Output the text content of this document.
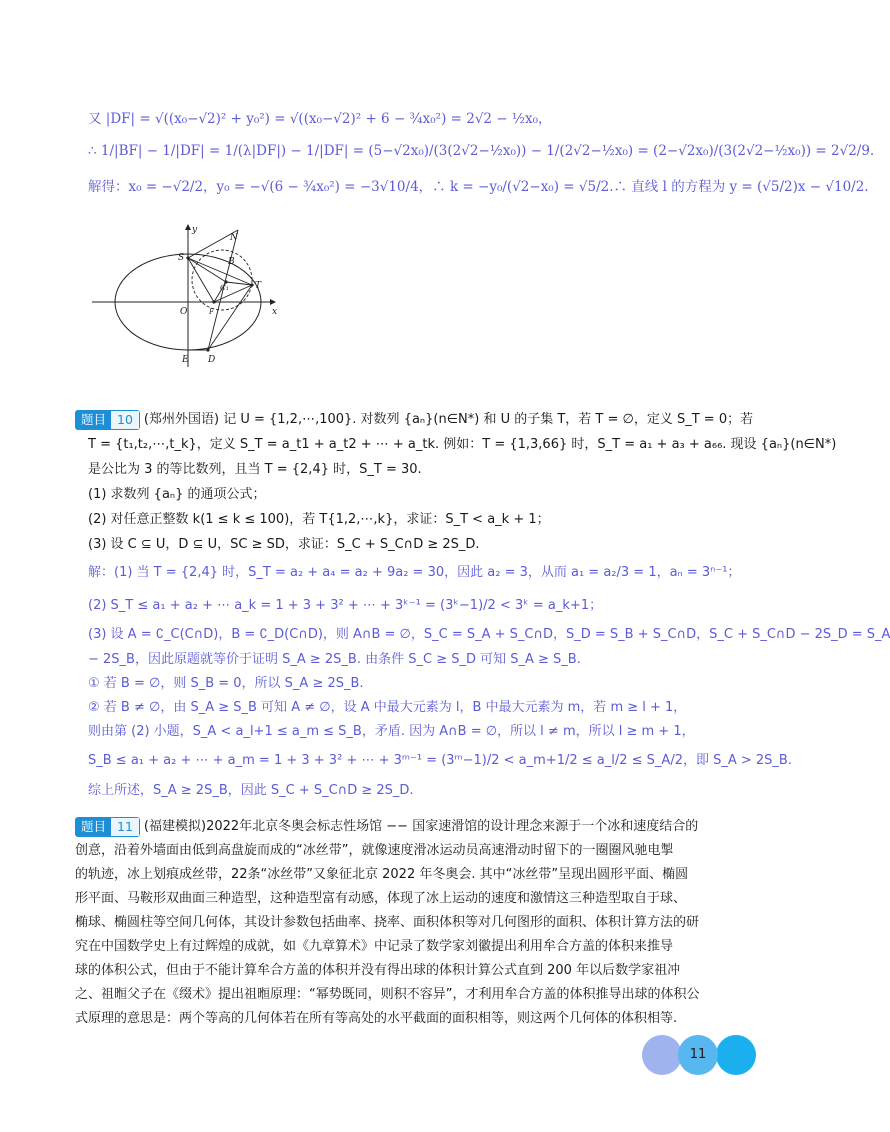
又 |DF| = √((x₀−√2)² + y₀²) = √((x₀−√2)² + 6 − ¾x₀²) = 2√2 − ½x₀，
∴ 1/|BF| − 1/|DF| = 1/(λ|DF|) − 1/|DF| = (5−√2x₀)/(3(2√2−½x₀)) − 1/(2√2−½x₀) = (2−√2x₀)/(3(2√2−½x₀)) = 2√2/9.
解得：x₀ = −√2/2，y₀ = −√(6 − ¾x₀²) = −3√10/4，∴ k = −y₀/(√2−x₀) = √5/2.∴ 直线 l 的方程为 y = (√5/2)x − √10/2.
y
N
S	B
C₁	T
O	F	x
E D
题目 10 (郑州外国语) 记 U = {1,2,⋯,100}. 对数列 {aₙ}(n∈N*) 和 U 的子集 T，若 T = ∅，定义 S_T = 0；若
T = {t₁,t₂,⋯,t_k}，定义 S_T = a_t1 + a_t2 + ⋯ + a_tk. 例如：T = {1,3,66} 时，S_T = a₁ + a₃ + a₆₆. 现设 {aₙ}(n∈N*)
是公比为 3 的等比数列，且当 T = {2,4} 时，S_T = 30.
(1) 求数列 {aₙ} 的通项公式；
(2) 对任意正整数 k(1 ≤ k ≤ 100)，若 T{1,2,⋯,k}，求证：S_T < a_k + 1；
(3) 设 C ⊆ U，D ⊆ U，SC ≥ SD，求证：S_C + S_C∩D ≥ 2S_D.
解：(1) 当 T = {2,4} 时，S_T = a₂ + a₄ = a₂ + 9a₂ = 30，因此 a₂ = 3，从而 a₁ = a₂/3 = 1，aₙ = 3ⁿ⁻¹；
(2) S_T ≤ a₁ + a₂ + ⋯ a_k = 1 + 3 + 3² + ⋯ + 3ᵏ⁻¹ = (3ᵏ−1)/2 < 3ᵏ = a_k+1；
(3) 设 A = ∁_C(C∩D)，B = ∁_D(C∩D)，则 A∩B = ∅，S_C = S_A + S_C∩D，S_D = S_B + S_C∩D，S_C + S_C∩D − 2S_D = S_A
− 2S_B，因此原题就等价于证明 S_A ≥ 2S_B. 由条件 S_C ≥ S_D 可知 S_A ≥ S_B.
① 若 B = ∅，则 S_B = 0，所以 S_A ≥ 2S_B.
② 若 B ≠ ∅，由 S_A ≥ S_B 可知 A ≠ ∅，设 A 中最大元素为 l，B 中最大元素为 m，若 m ≥ l + 1，
则由第 (2) 小题，S_A < a_l+1 ≤ a_m ≤ S_B，矛盾. 因为 A∩B = ∅，所以 l ≠ m，所以 l ≥ m + 1，
S_B ≤ a₁ + a₂ + ⋯ + a_m = 1 + 3 + 3² + ⋯ + 3ᵐ⁻¹ = (3ᵐ−1)/2 < a_m+1/2 ≤ a_l/2 ≤ S_A/2，即 S_A > 2S_B.
综上所述，S_A ≥ 2S_B，因此 S_C + S_C∩D ≥ 2S_D.
题目 11 (福建模拟)2022年北京冬奥会标志性场馆 −− 国家速滑馆的设计理念来源于一个冰和速度结合的
创意，沿着外墙面由低到高盘旋而成的“冰丝带”，就像速度滑冰运动员高速滑动时留下的一圈圈风驰电掣
的轨迹，冰上划痕成丝带，22条“冰丝带”又象征北京 2022 年冬奥会. 其中“冰丝带”呈现出圆形平面、椭圆
形平面、马鞍形双曲面三种造型，这种造型富有动感，体现了冰上运动的速度和激情这三种造型取自于球、
椭球、椭圆柱等空间几何体，其设计参数包括曲率、挠率、面积体积等对几何图形的面积、体积计算方法的研
究在中国数学史上有过辉煌的成就，如《九章算术》中记录了数学家刘徽提出利用牟合方盖的体积来推导
球的体积公式，但由于不能计算牟合方盖的体积并没有得出球的体积计算公式直到 200 年以后数学家祖冲
之、祖暅父子在《缀术》提出祖暅原理：“幂势既同，则积不容异”，才利用牟合方盖的体积推导出球的体积公
式原理的意思是：两个等高的几何体若在所有等高处的水平截面的面积相等，则这两个几何体的体积相等.
11
